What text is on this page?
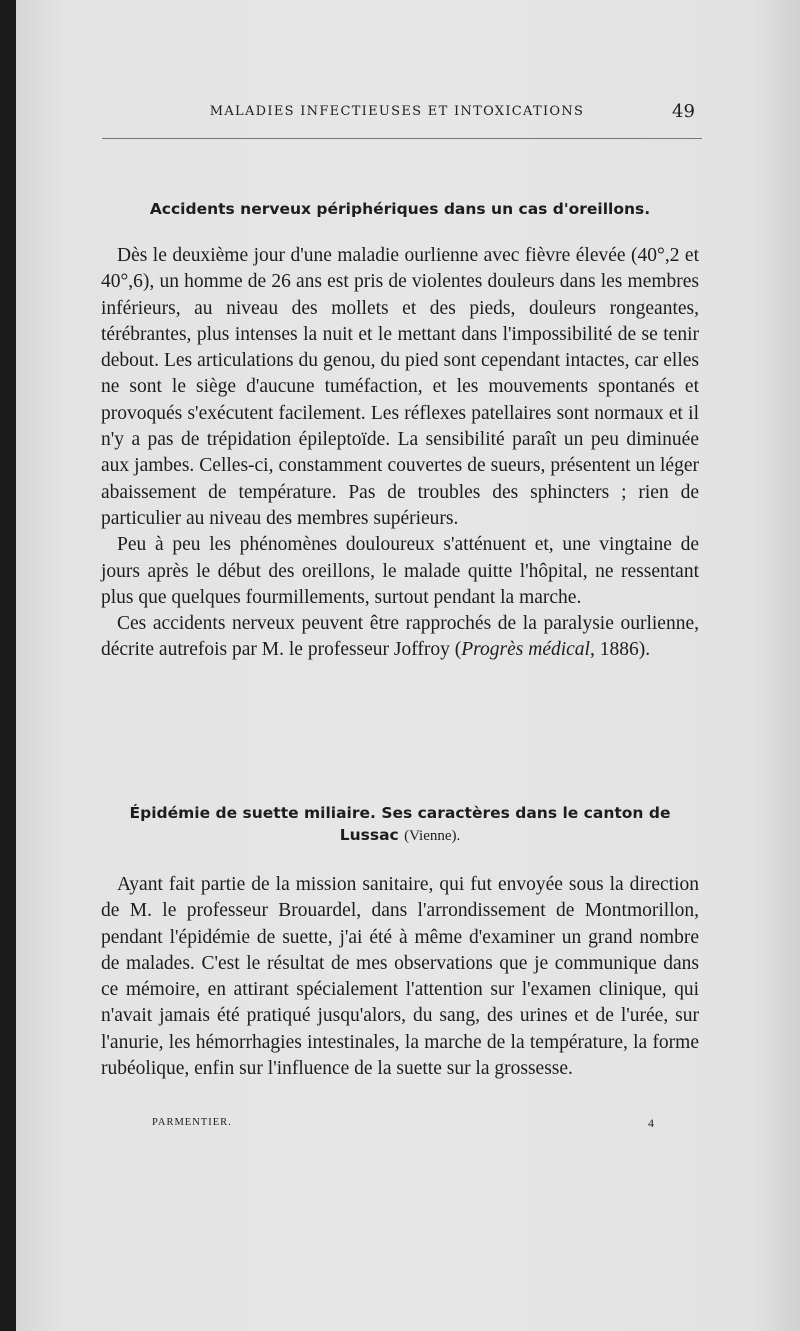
MALADIES INFECTIEUSES ET INTOXICATIONS	49
Accidents nerveux périphériques dans un cas d'oreillons.

Dès le deuxième jour d'une maladie ourlienne avec fièvre élevée (40°,2 et 40°,6), un homme de 26 ans est pris de violentes douleurs dans les membres inférieurs, au niveau des mollets et des pieds, douleurs rongeantes, térébrantes, plus intenses la nuit et le mettant dans l'impossibilité de se tenir debout. Les articulations du genou, du pied sont cependant intactes, car elles ne sont le siège d'aucune tuméfaction, et les mouvements spontanés et provoqués s'exécutent facilement. Les réflexes patellaires sont normaux et il n'y a pas de trépidation épileptoïde. La sensibilité paraît un peu diminuée aux jambes. Celles-ci, constamment couvertes de sueurs, présentent un léger abaissement de température. Pas de troubles des sphincters ; rien de particulier au niveau des membres supérieurs.

Peu à peu les phénomènes douloureux s'atténuent et, une vingtaine de jours après le début des oreillons, le malade quitte l'hôpital, ne ressentant plus que quelques fourmillements, surtout pendant la marche.

Ces accidents nerveux peuvent être rapprochés de la paralysie ourlienne, décrite autrefois par M. le professeur Joffroy (Progrès médical, 1886).

Épidémie de suette miliaire. Ses caractères dans le canton de
Lussac (Vienne).

Ayant fait partie de la mission sanitaire, qui fut envoyée sous la direction de M. le professeur Brouardel, dans l'arrondissement de Montmorillon, pendant l'épidémie de suette, j'ai été à même d'examiner un grand nombre de malades. C'est le résultat de mes observations que je communique dans ce mémoire, en attirant spécialement l'attention sur l'examen clinique, qui n'avait jamais été pratiqué jusqu'alors, du sang, des urines et de l'urée, sur l'anurie, les hémorrhagies intestinales, la marche de la température, la forme rubéolique, enfin sur l'influence de la suette sur la grossesse.

PARMENTIER.	4
